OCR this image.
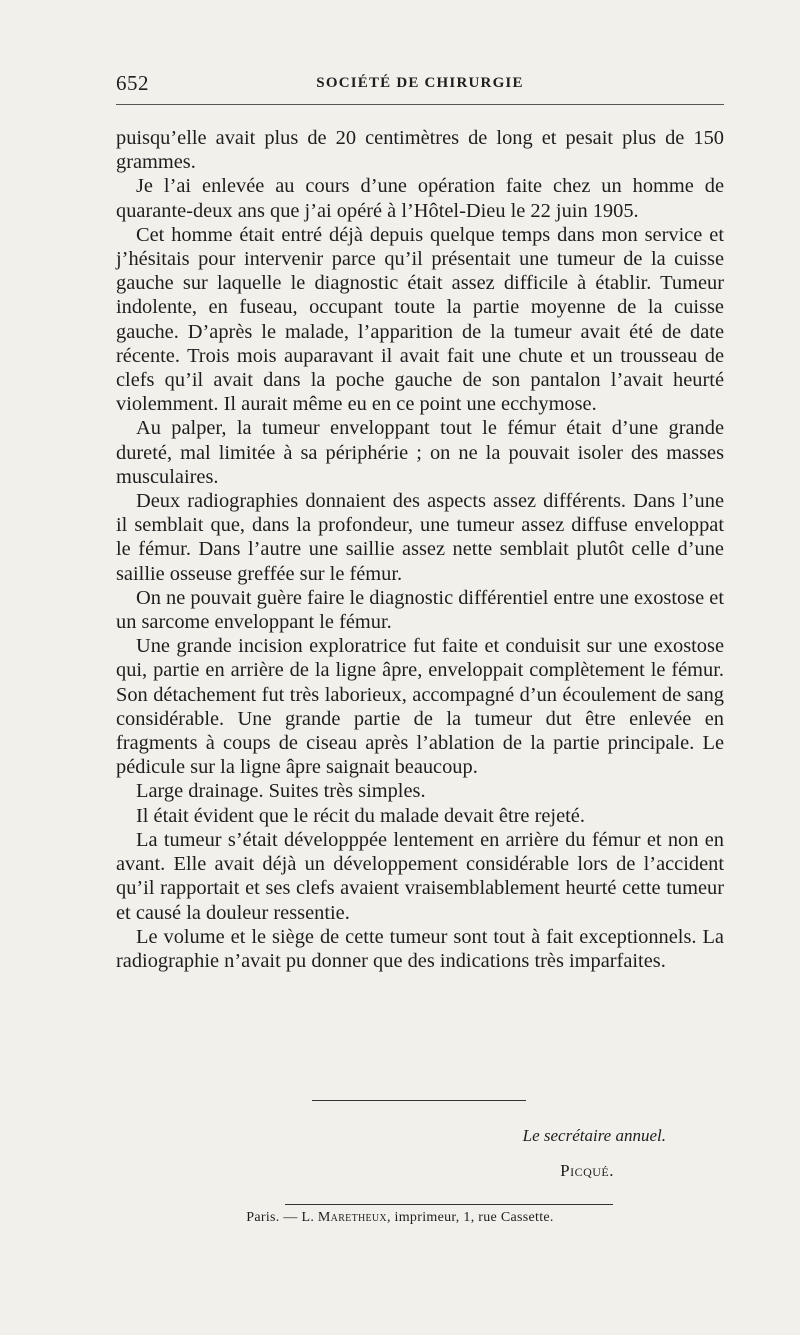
652	SOCIÉTÉ DE CHIRURGIE

puisqu’elle avait plus de 20 centimètres de long et pesait plus de 150 grammes.

Je l’ai enlevée au cours d’une opération faite chez un homme de quarante-deux ans que j’ai opéré à l’Hôtel-Dieu le 22 juin 1905.

Cet homme était entré déjà depuis quelque temps dans mon service et j’hésitais pour intervenir parce qu’il présentait une tumeur de la cuisse gauche sur laquelle le diagnostic était assez difficile à établir. Tumeur indolente, en fuseau, occupant toute la partie moyenne de la cuisse gauche. D’après le malade, l’apparition de la tumeur avait été de date récente. Trois mois auparavant il avait fait une chute et un trousseau de clefs qu’il avait dans la poche gauche de son pantalon l’avait heurté violemment. Il aurait même eu en ce point une ecchymose.

Au palper, la tumeur enveloppant tout le fémur était d’une grande dureté, mal limitée à sa périphérie ; on ne la pouvait isoler des masses musculaires.

Deux radiographies donnaient des aspects assez différents. Dans l’une il semblait que, dans la profondeur, une tumeur assez diffuse enveloppat le fémur. Dans l’autre une saillie assez nette semblait plutôt celle d’une saillie osseuse greffée sur le fémur.

On ne pouvait guère faire le diagnostic différentiel entre une exostose et un sarcome enveloppant le fémur.

Une grande incision exploratrice fut faite et conduisit sur une exostose qui, partie en arrière de la ligne âpre, enveloppait complètement le fémur. Son détachement fut très laborieux, accompagné d’un écoulement de sang considérable. Une grande partie de la tumeur dut être enlevée en fragments à coups de ciseau après l’ablation de la partie principale. Le pédicule sur la ligne âpre saignait beaucoup.

Large drainage. Suites très simples.

Il était évident que le récit du malade devait être rejeté.

La tumeur s’était développpée lentement en arrière du fémur et non en avant. Elle avait déjà un développement considérable lors de l’accident qu’il rapportait et ses clefs avaient vraisemblablement heurté cette tumeur et causé la douleur ressentie.

Le volume et le siège de cette tumeur sont tout à fait exceptionnels. La radiographie n’avait pu donner que des indications très imparfaites.

Le secrétaire annuel.
Picqué.
Paris. — L. Maretheux, imprimeur, 1, rue Cassette.
